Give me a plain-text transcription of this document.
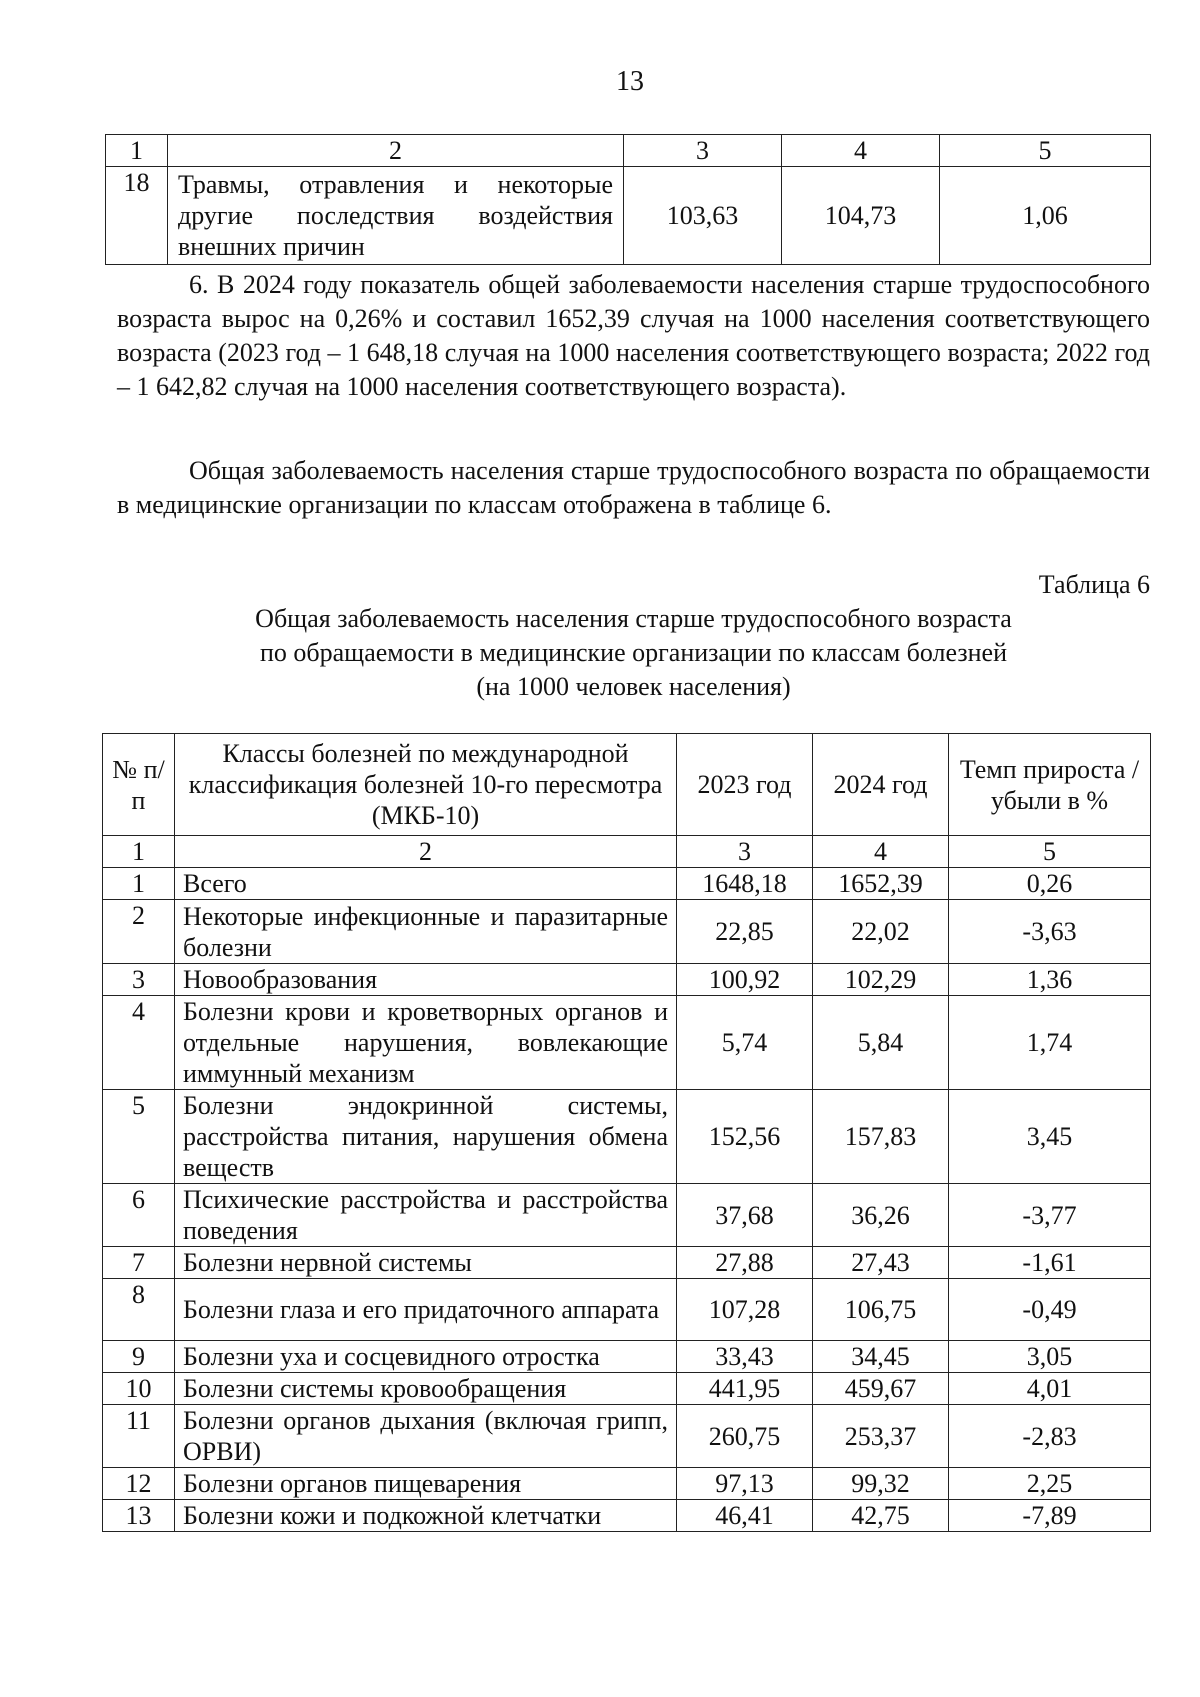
13
1	2	3	4	5
18	Травмы, отравления и некоторые другие последствия воздействия внешних причин	103,63	104,73	1,06

6. В 2024 году показатель общей заболеваемости населения старше трудоспособного возраста вырос на 0,26% и составил 1652,39 случая на 1000 населения соответствующего возраста (2023 год – 1 648,18 случая на 1000 населения соответствующего возраста; 2022 год – 1 642,82 случая на 1000 населения соответствующего возраста).

Общая заболеваемость населения старше трудоспособного возраста по обращаемости в медицинские организации по классам отображена в таблице 6.

Таблица 6
Общая заболеваемость населения старше трудоспособного возраста
по обращаемости в медицинские организации по классам болезней
(на 1000 человек населения)
№ п/п	Классы болезней по международной классификация болезней 10-го пересмотра (МКБ-10)	2023 год	2024 год	Темп прироста /убыли в %
1	2	3	4	5
1	Всего	1648,18	1652,39	0,26
2	Некоторые инфекционные и паразитарные болезни	22,85	22,02	-3,63
3	Новообразования	100,92	102,29	1,36
4	Болезни крови и кроветворных органов и отдельные нарушения, вовлекающие иммунный механизм	5,74	5,84	1,74
5	Болезни эндокринной системы, расстройства питания, нарушения обмена веществ	152,56	157,83	3,45
6	Психические расстройства и расстройства поведения	37,68	36,26	-3,77
7	Болезни нервной системы	27,88	27,43	-1,61
8	Болезни глаза и его придаточного аппарата	107,28	106,75	-0,49
9	Болезни уха и сосцевидного отростка	33,43	34,45	3,05
10	Болезни системы кровообращения	441,95	459,67	4,01
11	Болезни органов дыхания (включая грипп, ОРВИ)	260,75	253,37	-2,83
12	Болезни органов пищеварения	97,13	99,32	2,25
13	Болезни кожи и подкожной клетчатки	46,41	42,75	-7,89
